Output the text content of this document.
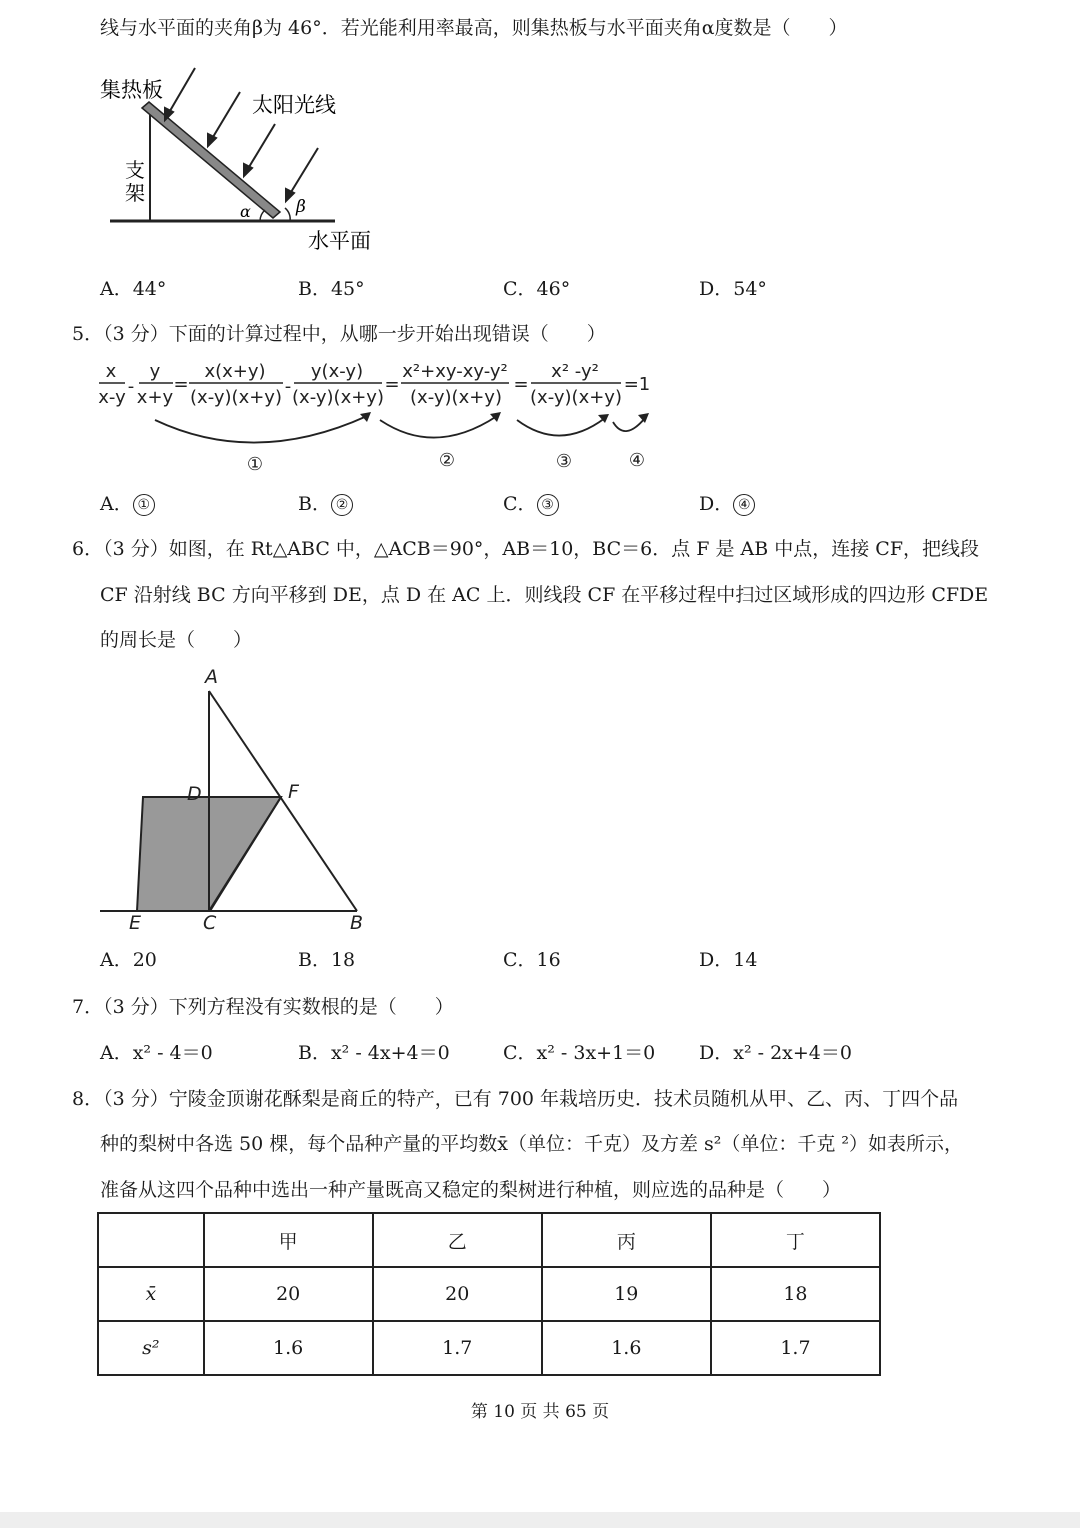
线与水平面的夹角β为 46°．若光能利用率最高，则集热板与水平面夹角α度数是（　　）
集热板
太阳光线
支
架
水平面
α	β
A．44°	B．45°	C．46°	D．54°
5．（3 分）下面的计算过程中，从哪一步开始出现错误（　　）
x
x-y
-
y
x+y
=
x(x+y)
(x-y)(x+y)
-
y(x-y)
(x-y)(x+y)
=
x²+xy-xy-y²
(x-y)(x+y)
=
x² -y²
(x-y)(x+y)
=1
①	②	③	④
A． ①	B． ②	C． ③	D． ④
6．（3 分）如图，在 Rt△ABC 中，△ACB＝90°，AB＝10，BC＝6．点 F 是 AB 中点，连接 CF，把线段
CF 沿射线 BC 方向平移到 DE，点 D 在 AC 上．则线段 CF 在平移过程中扫过区域形成的四边形 CFDE
的周长是（　　）
A
D	F
E	C	B
A．20	B．18	C．16	D．14
7．（3 分）下列方程没有实数根的是（　　）
A．x² - 4＝0	B．x² - 4x+4＝0	C．x² - 3x+1＝0 D．x² - 2x+4＝0
8．（3 分）宁陵金顶谢花酥梨是商丘的特产，已有 700 年栽培历史．技术员随机从甲、乙、丙、丁四个品
种的梨树中各选 50 棵，每个品种产量的平均数x̄（单位：千克）及方差 s²（单位：千克 ²）如表所示，
准备从这四个品种中选出一种产量既高又稳定的梨树进行种植，则应选的品种是（　　）
	甲	乙	丙	丁
x̄	20	20	19	18
s²	1.6	1.7	1.6	1.7
第 10 页 共 65 页
